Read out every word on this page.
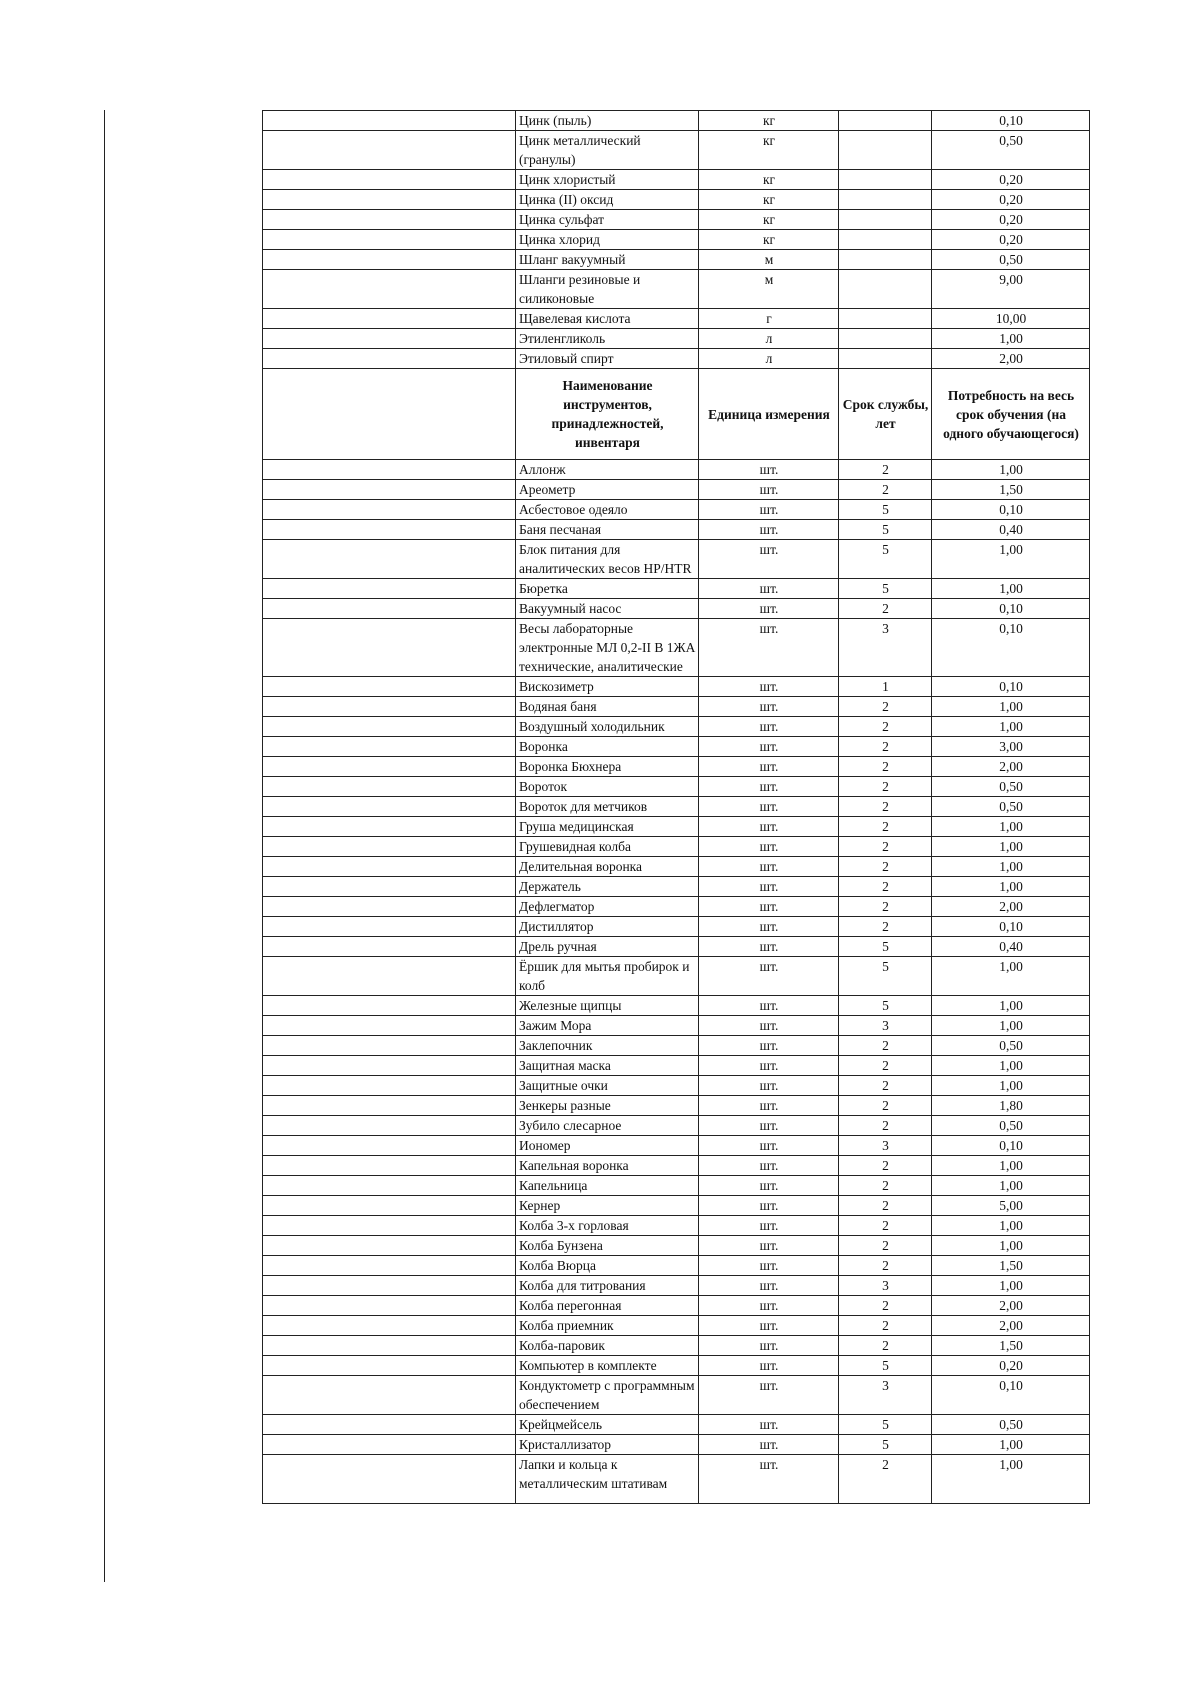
	Цинк (пыль)	кг		0,10
	Цинк металлический (гранулы)	кг		0,50
	Цинк хлористый	кг		0,20
	Цинка (II) оксид	кг		0,20
	Цинка сульфат	кг		0,20
	Цинка хлорид	кг		0,20
	Шланг вакуумный	м		0,50
	Шланги резиновые и силиконовые	м		9,00
	Щавелевая кислота	г		10,00
	Этиленгликоль	л		1,00
	Этиловый спирт	л		2,00
	Наименование инструментов, принадлежностей, инвентаря	Единица измерения	Срок службы, лет	Потребность на весь срок обучения (на одного обучающегося)
	Аллонж	шт.	2	1,00
	Ареометр	шт.	2	1,50
	Асбестовое одеяло	шт.	5	0,10
	Баня песчаная	шт.	5	0,40
	Блок питания для аналитических весов HP/HTR	шт.	5	1,00
	Бюретка	шт.	5	1,00
	Вакуумный насос	шт.	2	0,10
	Весы лабораторные электронные МЛ 0,2-II В 1ЖА технические, аналитические	шт.	3	0,10
	Вискозиметр	шт.	1	0,10
	Водяная баня	шт.	2	1,00
	Воздушный холодильник	шт.	2	1,00
	Воронка	шт.	2	3,00
	Воронка Бюхнера	шт.	2	2,00
	Вороток	шт.	2	0,50
	Вороток для метчиков	шт.	2	0,50
	Груша медицинская	шт.	2	1,00
	Грушевидная колба	шт.	2	1,00
	Делительная воронка	шт.	2	1,00
	Держатель	шт.	2	1,00
	Дефлегматор	шт.	2	2,00
	Дистиллятор	шт.	2	0,10
	Дрель ручная	шт.	5	0,40
	Ёршик для мытья пробирок и колб	шт.	5	1,00
	Железные щипцы	шт.	5	1,00
	Зажим Мора	шт.	3	1,00
	Заклепочник	шт.	2	0,50
	Защитная маска	шт.	2	1,00
	Защитные очки	шт.	2	1,00
	Зенкеры разные	шт.	2	1,80
	Зубило слесарное	шт.	2	0,50
	Иономер	шт.	3	0,10
	Капельная воронка	шт.	2	1,00
	Капельница	шт.	2	1,00
	Кернер	шт.	2	5,00
	Колба 3-х горловая	шт.	2	1,00
	Колба Бунзена	шт.	2	1,00
	Колба Вюрца	шт.	2	1,50
	Колба для титрования	шт.	3	1,00
	Колба перегонная	шт.	2	2,00
	Колба приемник	шт.	2	2,00
	Колба-паровик	шт.	2	1,50
	Компьютер в комплекте	шт.	5	0,20
	Кондуктометр с программным обеспечением	шт.	3	0,10
	Крейцмейсель	шт.	5	0,50
	Кристаллизатор	шт.	5	1,00
	Лапки и кольца к металлическим штативам	шт.	2	1,00
